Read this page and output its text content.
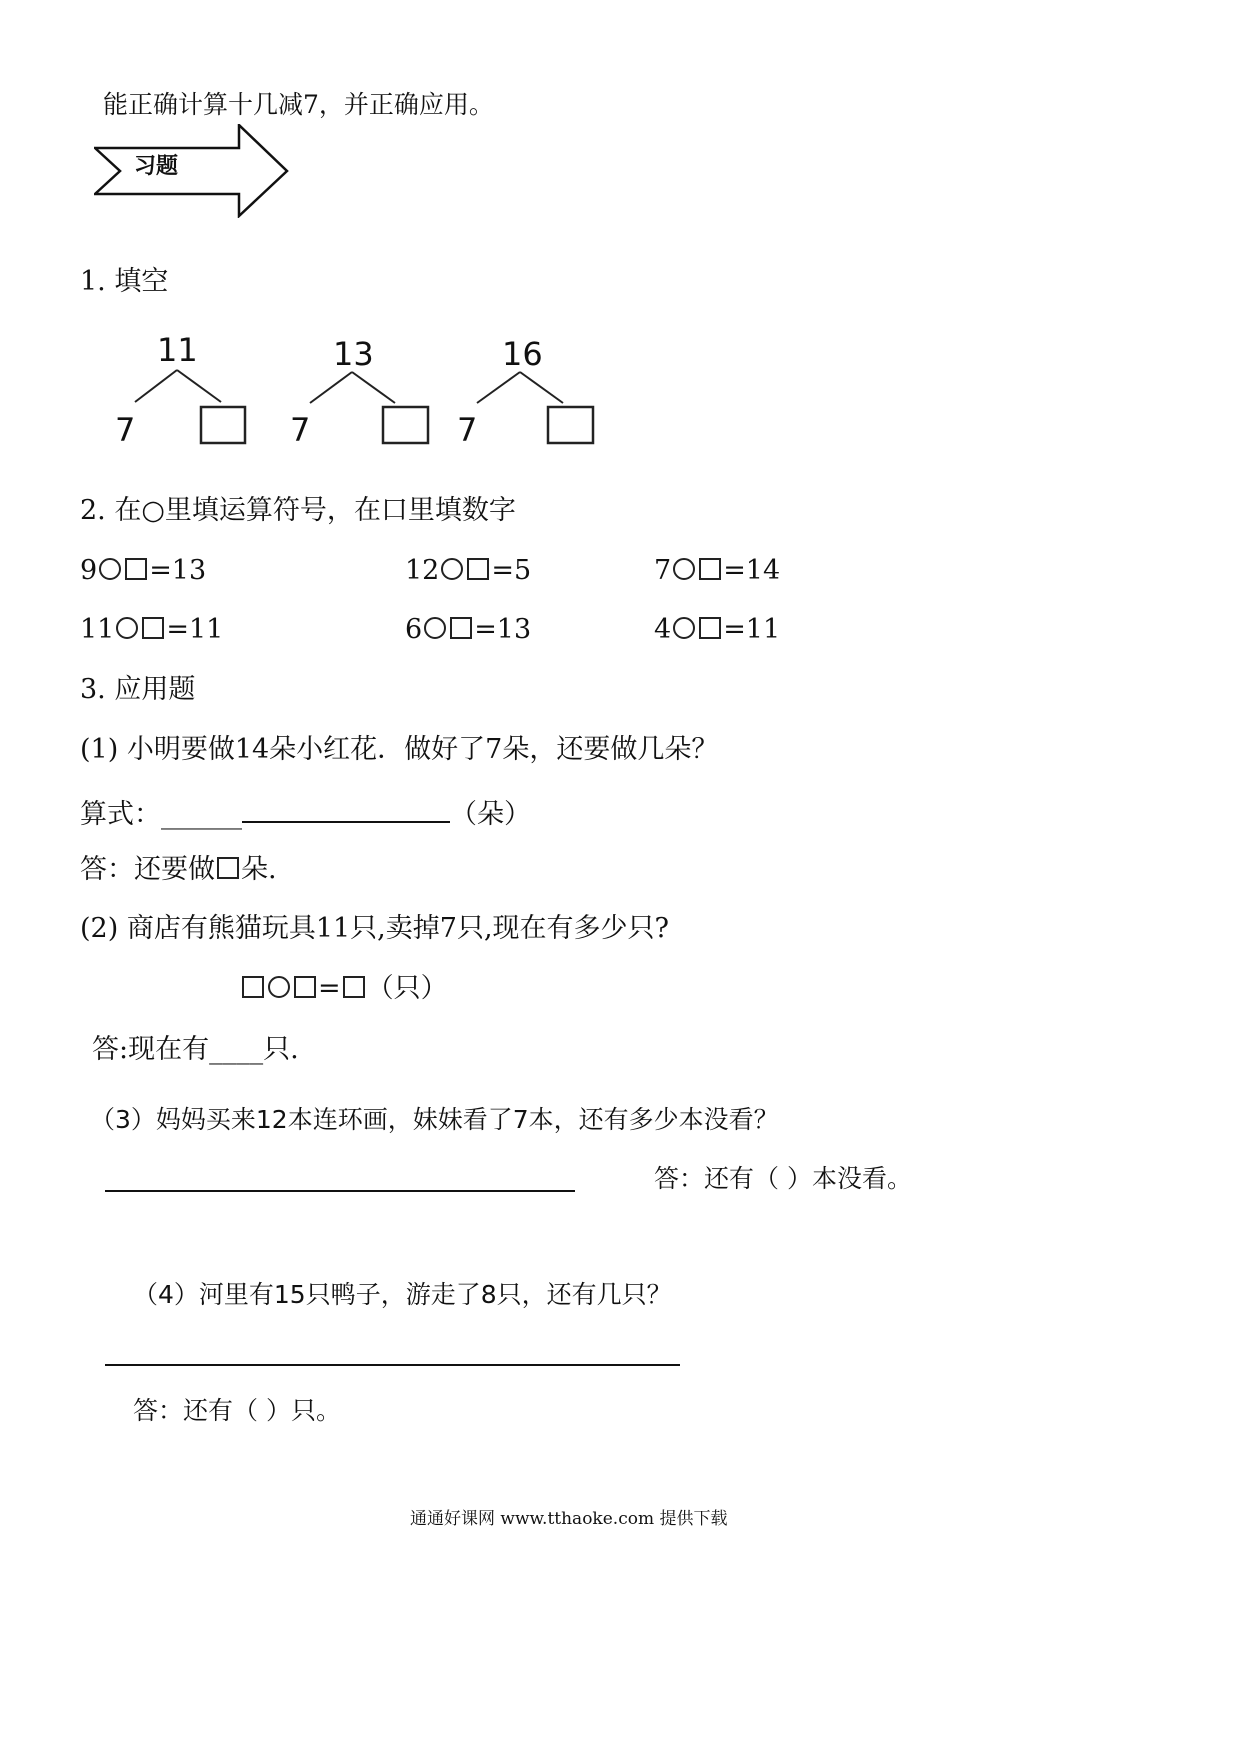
能正确计算十几减7，并正确应用。
习题
1. 填空
11
7
13
7
16
7
2. 在○里填运算符号，在口里填数字
9 =13	12 =5	7 =14
11 =11	6 =13	4 =11
3. 应用题
(1) 小明要做14朵小红花．做好了7朵，还要做几朵？
算式：______	（朵）
答：还要做 朵.
(2) 商店有熊猫玩具11只,卖掉7只,现在有多少只?
= （只）
答:现在有____只.
（3）妈妈买来12本连环画，妹妹看了7本，还有多少本没看？
答：还有（ ）本没看。
（4）河里有15只鸭子，游走了8只，还有几只？
答：还有（ ）只。
通通好课网 www.tthaoke.com 提供下载
